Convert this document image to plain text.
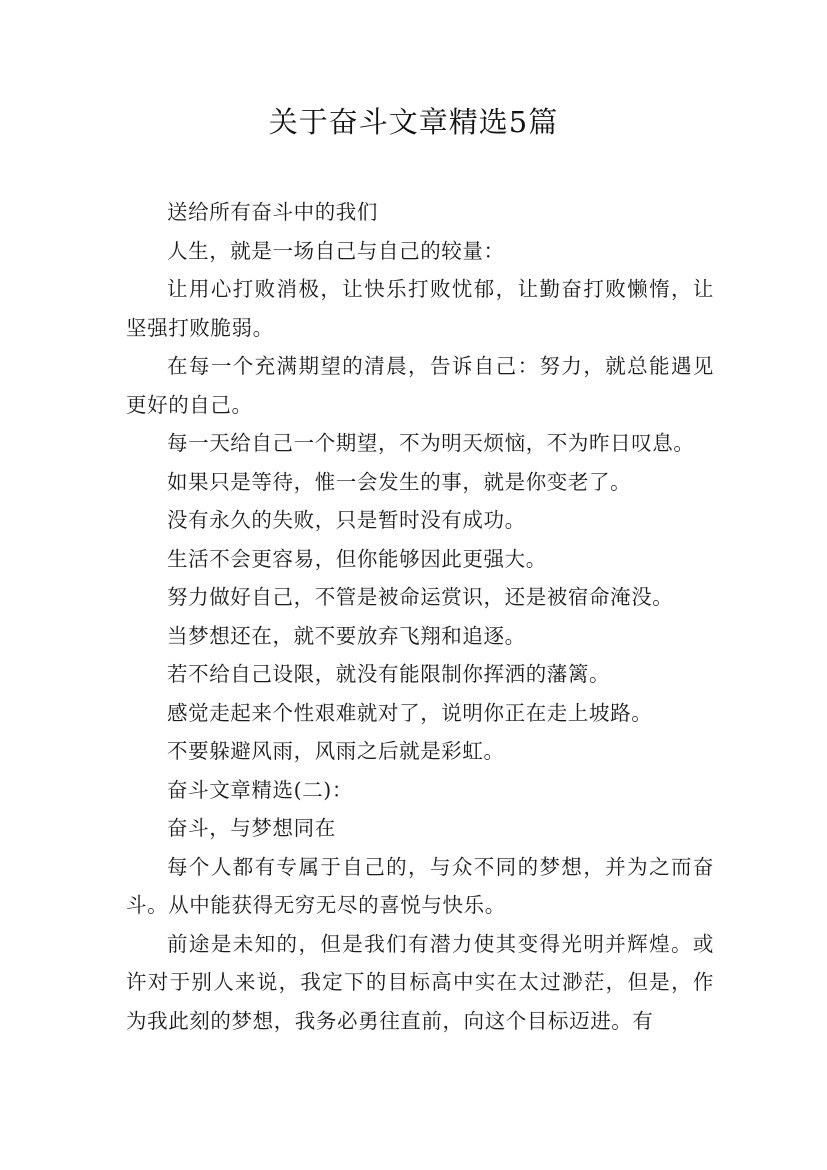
关于奋斗文章精选5篇

送给所有奋斗中的我们

人生，就是一场自己与自己的较量：

让用心打败消极，让快乐打败忧郁，让勤奋打败懒惰，让坚强打败脆弱。

在每一个充满期望的清晨，告诉自己：努力，就总能遇见更好的自己。

每一天给自己一个期望，不为明天烦恼，不为昨日叹息。

如果只是等待，惟一会发生的事，就是你变老了。

没有永久的失败，只是暂时没有成功。

生活不会更容易，但你能够因此更强大。

努力做好自己，不管是被命运赏识，还是被宿命淹没。

当梦想还在，就不要放弃飞翔和追逐。

若不给自己设限，就没有能限制你挥洒的藩篱。

感觉走起来个性艰难就对了，说明你正在走上坡路。

不要躲避风雨，风雨之后就是彩虹。

奋斗文章精选(二)：

奋斗，与梦想同在

每个人都有专属于自己的，与众不同的梦想，并为之而奋斗。从中能获得无穷无尽的喜悦与快乐。

前途是未知的，但是我们有潜力使其变得光明并辉煌。或许对于别人来说，我定下的目标高中实在太过渺茫，但是，作为我此刻的梦想，我务必勇往直前，向这个目标迈进。有
